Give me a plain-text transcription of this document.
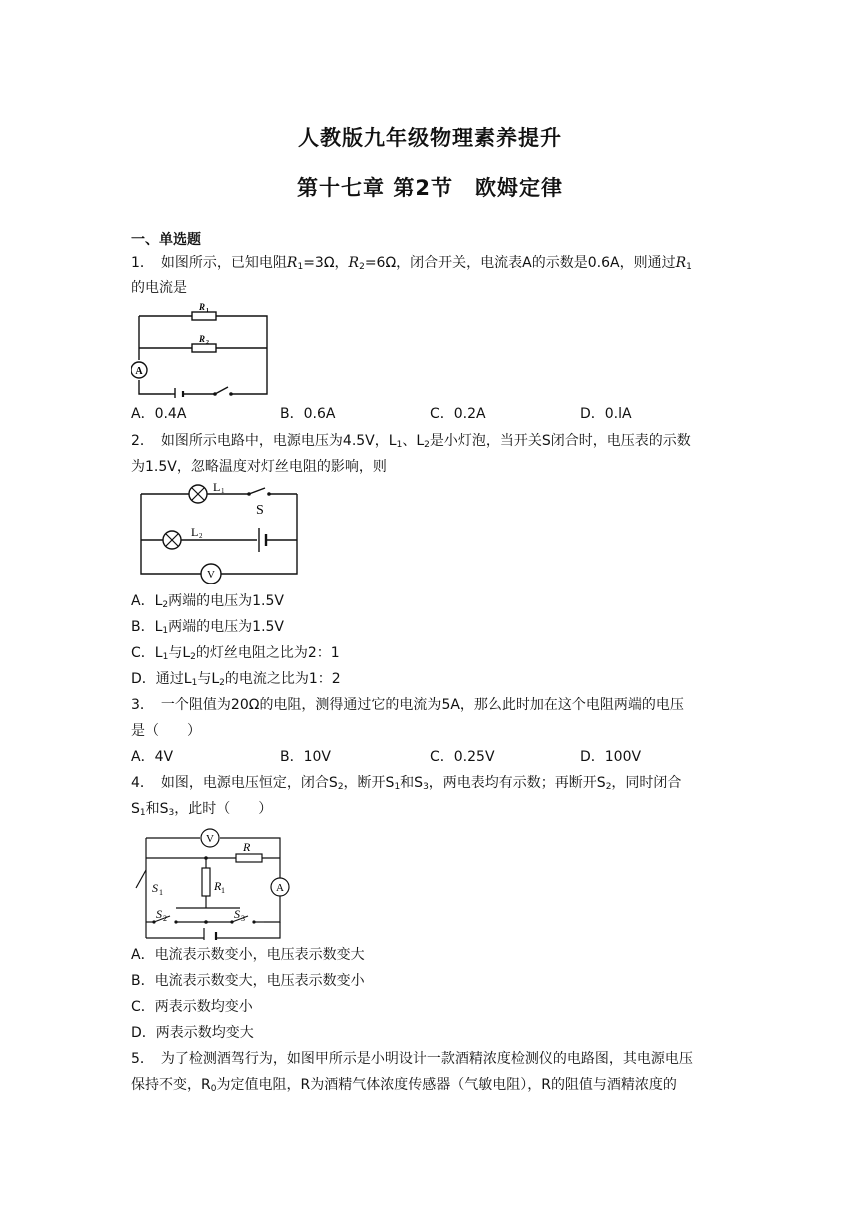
人教版九年级物理素养提升
第十七章 第2节　欧姆定律
一、单选题
1．　 如图所示，已知电阻$R_1=3\Omega$，$R_2=6\Omega$，闭合开关，电流表A的示数是0.6A，则通过$R_1$
的电流是
A
R 1
R 2
A．0.4A	B．0.6A	C．0.2A	D．0.lA
2．　 如图所示电路中，电源电压为4.5V，$L_1$、$L_2$是小灯泡，当开关S闭合时，电压表的示数
为1.5V，忽略温度对灯丝电阻的影响，则
V
L 1
L 2
S
A．$L_2$两端的电压为1.5V
B．$L_1$两端的电压为1.5V
C．$L_1$与$L_2$的灯丝电阻之比为2：1
D．通过$L_1$与$L_2$的电流之比为1：2
3．　 一个阻值为20Ω的电阻，测得通过它的电流为5A，那么此时加在这个电阻两端的电压
是（　　）
A．4V	B．10V	C．0.25V	D．100V
4．　 如图，电源电压恒定，闭合$S_2$，断开$S_1$和$S_3$，两电表均有示数；再断开$S_2$，同时闭合
$S_1$和$S_3$，此时（　　）
V
R
R 1	A
S 1
S 2	S 3
A．电流表示数变小，电压表示数变大
B．电流表示数变大，电压表示数变小
C．两表示数均变小
D．两表示数均变大
5．　 为了检测酒驾行为，如图甲所示是小明设计一款酒精浓度检测仪的电路图，其电源电压
保持不变，$R_0$为定值电阻，R为酒精气体浓度传感器（气敏电阻），R的阻值与酒精浓度的
